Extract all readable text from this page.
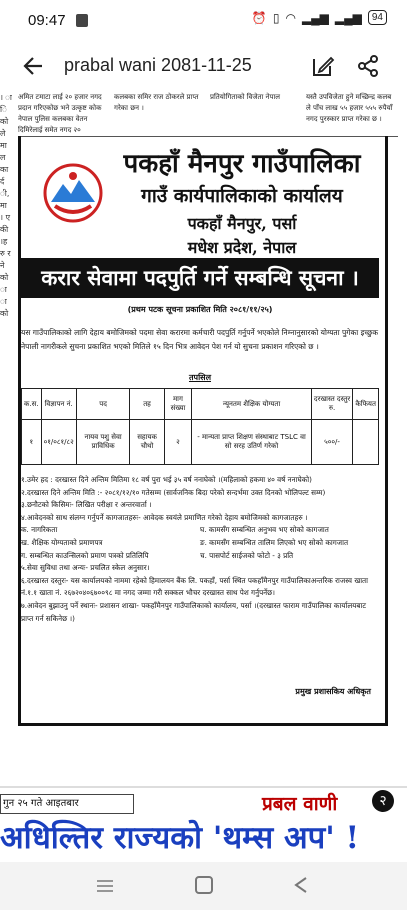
09:47	⏰ ▯ ◠ ▂▄▆ ▂▄▆	94
prabal wani 2081-11-25
। ा ि को ले मा ल का र्द ी, मा । ए की ।हरु र ने को ा ा को
अमित टमाटा लाई २० हजार नगद प्रदान गरिएकोछ भने उत्कृष्ट कोक नेपाल पुलिस कलबका वेतन दिमिरेलाई समेत नगद २०
कलबका समिर राज ठोकरले प्राप्त गरेका छन ।
प्रतियोगिताको विजेता नेपाल	यस्तै उपविजेता हुने मच्छिन्द्र कलब ले पाँच लाख ५५ हजार ५५५ रुपैयाँ नगद पुरस्कार प्राप्त गरेका छ ।
पकहाँ मैनपुर गाउँपालिका
गाउँ कार्यपालिकाको कार्यालय
पकहाँ मैनपुर, पर्सा
मधेश प्रदेश, नेपाल
करार सेवामा पदपुर्ति गर्ने सम्बन्धि सूचना ।
(प्रथम पटक सूचना प्रकाशित मिति २०८१/११/२५)
यस गाउँपालिकाको लागि देहाय बमोजिमको पदमा सेवा करारमा कर्मचारी पदपुर्ति गर्नुपर्ने भएकोले निम्नानुसारको योग्यता पुगेका इच्छुक नेपाली नागरीकले सुचना प्रकाशित भएको मितिले १५ दिन भित्र आवेदन पेश गर्न यो सुचना प्रकाशन गरिएको छ ।
तपसिल
क.स.	विज्ञापन नं.	पद	तह	माग संख्या	न्यूनतम शैक्षिक योग्यता	दरखास्त दस्तुर रु.	कैफियत
१	०१/०८१/८२	नायव पशु सेवा प्राविधिक	सहायक चौथो	२	- मान्यता प्राप्त शिक्षण संस्थाबाट TSLC वा सो सरह उतिर्ण गरेको	५००/-	

१.उमेर हद : दरखास्त दिने अन्तिम मितिमा १८ वर्ष पुरा भई ३५ वर्ष ननाघेको ।(महिलाको हकमा ४० वर्ष ननाघेको)

२.दरखास्त दिने अन्तिम मिति :- २०८१/१२/१० गतेसम्म (सार्वजनिक बिदा परेको सन्दर्भमा उक्त दिनको भोलिपल्ट सम्म)

३.छनौटको किसिमः- लिखित परीक्षा र अन्तरवार्ता ।

४.आवेदनको साथ संलग्न गर्नुपर्ने कागजातहरुः- आवेदक स्वयंले प्रमाणित गरेको देहाय बमोजिमको कागजातहरु ।

क. नागरिकता	घ. कामसँग सम्बन्धित अनुभव भए सोको कागजात

ख. शैक्षिक योग्यताको प्रमाणपत्र	ङ. कामसँग सम्बन्धित तालिम लिएको भए सोको कागजात

ग. सम्बन्धित काउन्सिलको प्रमाण पत्रको प्रतिलिपि	च. पासपोर्ट साईजको फोटो - ३ प्रति

५.सेवा सुविधा तथा अन्यः- प्रचलित स्केल अनुसार।

६.दरखास्त दस्तुरः- यस कार्यालयको नाममा रहेको हिमालयन बैंक लि. पकहाँ, पर्सा स्थित पकहाँमैनपुर गाउँपालिकाअन्तरिक राजस्व खाता नं.१.१ खाता नं. २६७२०४०६७००९८ मा नगद जम्मा गरी सक्कल भौचर दरखास्त साथ पेश गर्नुपर्नेछ।

७.आवेदन बुझाउनु पर्ने स्थानः- प्रशासन शाखा- पकहाँमैनपुर गाउँपालिकाको कार्यालय, पर्सा ।(दरखास्त फाराम गाउँपालिका कार्यालयबाट प्राप्त गर्न सकिनेछ ।)

प्रमुख प्रशासकिय अधिकृत
गुन २५ गते आइतबार	प्रबल वाणी	२
अधिल्तिर राज्यको 'थम्स अप' !
